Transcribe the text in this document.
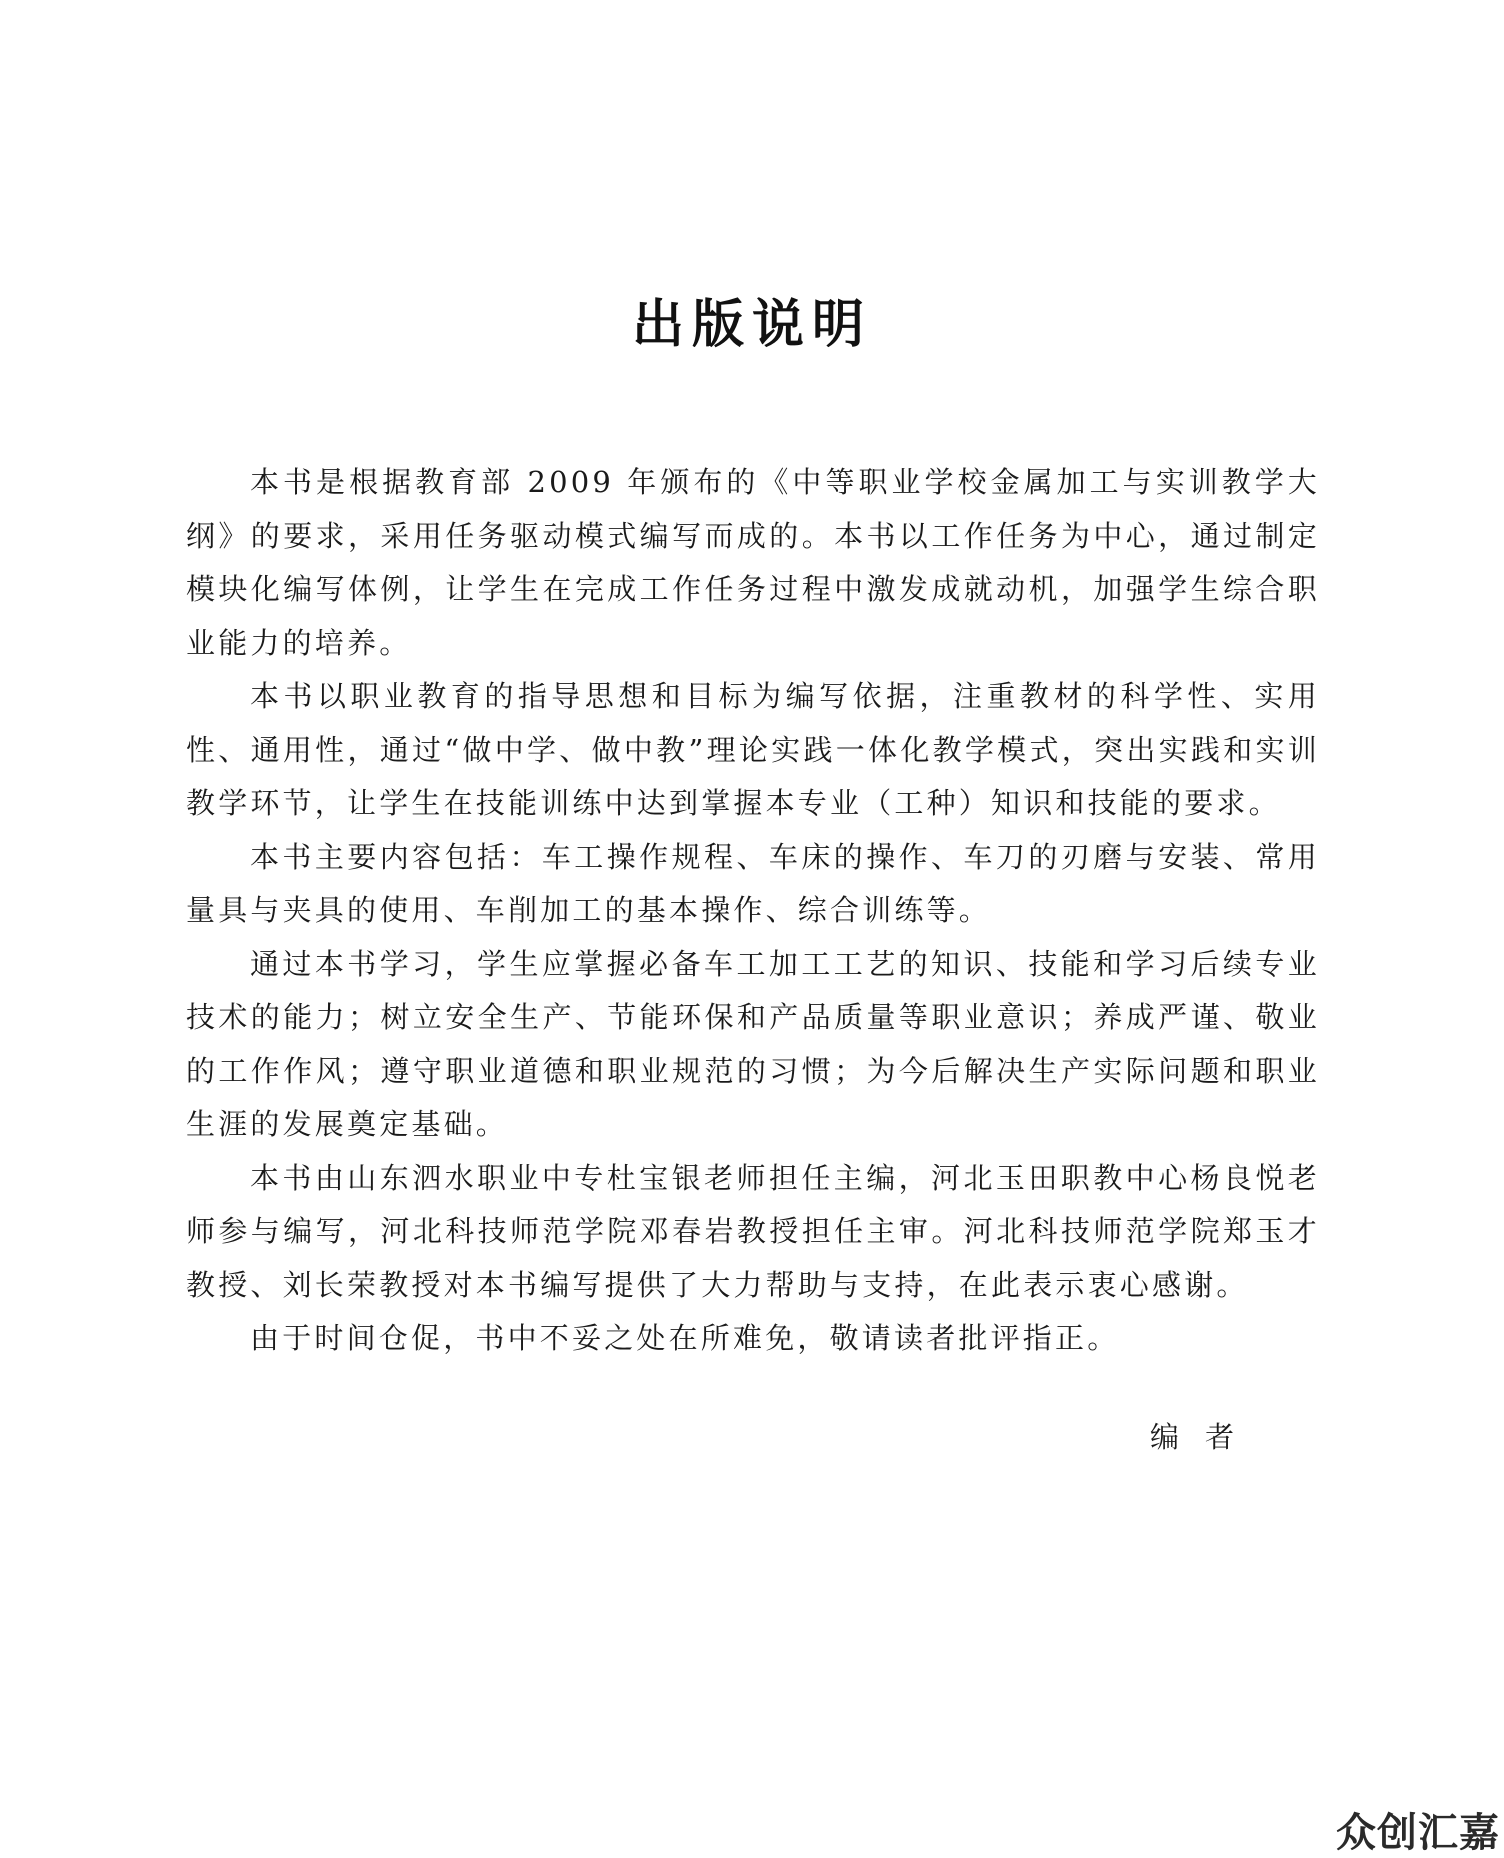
出版说明

本书是根据教育部 2009 年颁布的《中等职业学校金属加工与实训教学大纲》的要求，采用任务驱动模式编写而成的。本书以工作任务为中心，通过制定模块化编写体例，让学生在完成工作任务过程中激发成就动机，加强学生综合职业能力的培养。

本书以职业教育的指导思想和目标为编写依据，注重教材的科学性、实用性、通用性，通过“做中学、做中教”理论实践一体化教学模式，突出实践和实训教学环节，让学生在技能训练中达到掌握本专业（工种）知识和技能的要求。

本书主要内容包括：车工操作规程、车床的操作、车刀的刃磨与安装、常用量具与夹具的使用、车削加工的基本操作、综合训练等。

通过本书学习，学生应掌握必备车工加工工艺的知识、技能和学习后续专业技术的能力；树立安全生产、节能环保和产品质量等职业意识；养成严谨、敬业的工作作风；遵守职业道德和职业规范的习惯；为今后解决生产实际问题和职业生涯的发展奠定基础。

本书由山东泗水职业中专杜宝银老师担任主编，河北玉田职教中心杨良悦老师参与编写，河北科技师范学院邓春岩教授担任主审。河北科技师范学院郑玉才教授、刘长荣教授对本书编写提供了大力帮助与支持，在此表示衷心感谢。

由于时间仓促，书中不妥之处在所难免，敬请读者批评指正。

编者

众创汇嘉
